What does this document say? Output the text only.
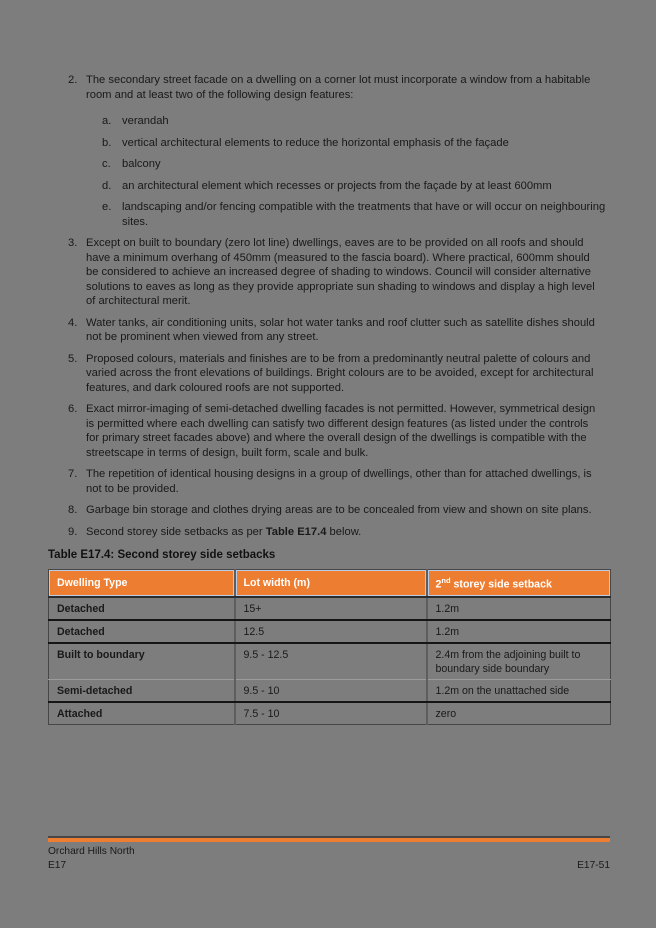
2. The secondary street facade on a dwelling on a corner lot must incorporate a window from a habitable room and at least two of the following design features:

a. verandah

b. vertical architectural elements to reduce the horizontal emphasis of the façade

c.	balcony

d. an architectural element which recesses or projects from the façade by at least 600mm

e. landscaping and/or fencing compatible with the treatments that have or will occur on neighbouring sites.

3. Except on built to boundary (zero lot line) dwellings, eaves are to be provided on all roofs and should have a minimum overhang of 450mm (measured to the fascia board). Where practical, 600mm should be considered to achieve an increased degree of shading to windows. Council will consider alternative solutions to eaves as long as they provide appropriate sun shading to windows and display a high level of architectural merit.

4. Water tanks, air conditioning units, solar hot water tanks and roof clutter such as satellite dishes should not be prominent when viewed from any street.

5. Proposed colours, materials and finishes are to be from a predominantly neutral palette of colours and varied across the front elevations of buildings. Bright colours are to be avoided, except for architectural features, and dark coloured roofs are not supported.

6. Exact mirror-imaging of semi-detached dwelling facades is not permitted. However, symmetrical design is permitted where each dwelling can satisfy two different design features (as listed under the controls for primary street facades above) and where the overall design of the dwellings is compatible with the streetscape in terms of design, built form, scale and bulk.

7. The repetition of identical housing designs in a group of dwellings, other than for attached dwellings, is not to be provided.

8. Garbage bin storage and clothes drying areas are to be concealed from view and shown on site plans.

9. Second storey side setbacks as per Table E17.4 below.

Table E17.4: Second storey side setbacks
Dwelling Type	Lot width (m)	2nd storey side setback
Detached	15+	1.2m
Detached	12.5	1.2m
Built to boundary	9.5 - 12.5	2.4m from the adjoining built to boundary side boundary
Semi-detached	9.5 - 10	1.2m on the unattached side
Attached	7.5 - 10	zero
Orchard Hills North
E17	E17-51
